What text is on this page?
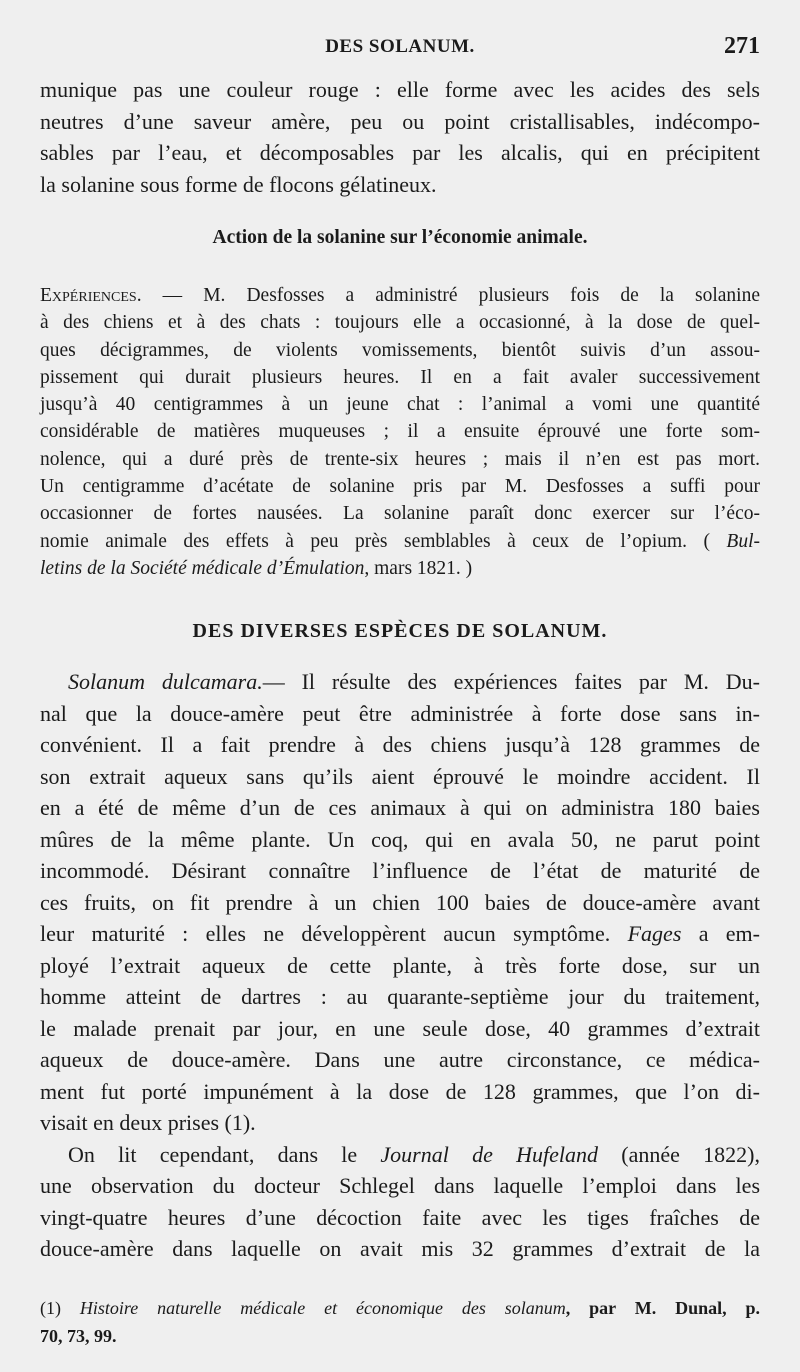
DES SOLANUM.	271
munique pas une couleur rouge : elle forme avec les acides des sels
neutres d’une saveur amère, peu ou point cristallisables, indécompo-
sables par l’eau, et décomposables par les alcalis, qui en précipitent
la solanine sous forme de flocons gélatineux.
Action de la solanine sur l’économie animale.
Expériences. — M. Desfosses a administré plusieurs fois de la solanine
à des chiens et à des chats : toujours elle a occasionné, à la dose de quel-
ques décigrammes, de violents vomissements, bientôt suivis d’un assou-
pissement qui durait plusieurs heures. Il en a fait avaler successivement
jusqu’à 40 centigrammes à un jeune chat : l’animal a vomi une quantité
considérable de matières muqueuses ; il a ensuite éprouvé une forte som-
nolence, qui a duré près de trente-six heures ; mais il n’en est pas mort.
Un centigramme d’acétate de solanine pris par M. Desfosses a suffi pour
occasionner de fortes nausées. La solanine paraît donc exercer sur l’éco-
nomie animale des effets à peu près semblables à ceux de l’opium. ( Bul-
letins de la Société médicale d’Émulation, mars 1821. )
DES DIVERSES ESPÈCES DE SOLANUM.
Solanum dulcamara.— Il résulte des expériences faites par M. Du-
nal que la douce-amère peut être administrée à forte dose sans in-
convénient. Il a fait prendre à des chiens jusqu’à 128 grammes de
son extrait aqueux sans qu’ils aient éprouvé le moindre accident. Il
en a été de même d’un de ces animaux à qui on administra 180 baies
mûres de la même plante. Un coq, qui en avala 50, ne parut point
incommodé. Désirant connaître l’influence de l’état de maturité de
ces fruits, on fit prendre à un chien 100 baies de douce-amère avant
leur maturité : elles ne développèrent aucun symptôme. Fages a em-
ployé l’extrait aqueux de cette plante, à très forte dose, sur un
homme atteint de dartres : au quarante-septième jour du traitement,
le malade prenait par jour, en une seule dose, 40 grammes d’extrait
aqueux de douce-amère. Dans une autre circonstance, ce médica-
ment fut porté impunément à la dose de 128 grammes, que l’on di-
visait en deux prises (1).
On lit cependant, dans le Journal de Hufeland (année 1822),
une observation du docteur Schlegel dans laquelle l’emploi dans les
vingt-quatre heures d’une décoction faite avec les tiges fraîches de
douce-amère dans laquelle on avait mis 32 grammes d’extrait de la
(1) Histoire naturelle médicale et économique des solanum, par M. Dunal, p.
70, 73, 99.
